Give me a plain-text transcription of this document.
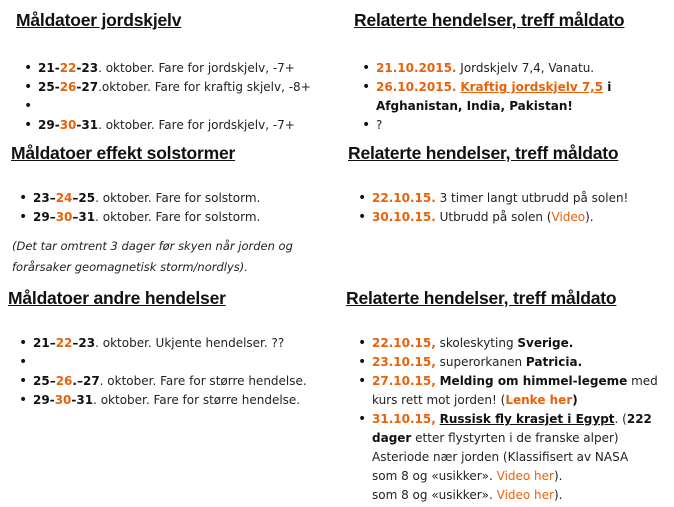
Måldatoer jordskjelv
• 21-22-23. oktober. Fare for jordskjelv, -7+
• 25-26-27.oktober. Fare for kraftig skjelv, -8+
•
• 29-30-31. oktober. Fare for jordskjelv, -7+
Måldatoer effekt solstormer
• 23–24–25. oktober. Fare for solstorm.
• 29–30–31. oktober. Fare for solstorm.

(Det tar omtrent 3 dager før skyen når jorden og
forårsaker geomagnetisk storm/nordlys).

Måldatoer andre hendelser
• 21–22–23. oktober. Ukjente hendelser. ??
•
• 25–26.–27. oktober. Fare for større hendelse.
• 29-30-31. oktober. Fare for større hendelse.
Relaterte hendelser, treff måldato
• 21.10.2015. Jordskjelv 7,4, Vanatu.
• 26.10.2015. Kraftig jordskjelv 7,5 i
Afghanistan, India, Pakistan!
• ?
Relaterte hendelser, treff måldato
• 22.10.15. 3 timer langt utbrudd på solen!
• 30.10.15. Utbrudd på solen (Video).
Relaterte hendelser, treff måldato
• 22.10.15, skoleskyting Sverige.
• 23.10.15, superorkanen Patricia.
• 27.10.15, Melding om himmel-legeme med
kurs rett mot jorden! (Lenke her)
• 31.10.15, Russisk fly krasjet i Egypt. (222
dager etter flystyrten i de franske alper)
Asteriode nær jorden (Klassifisert av NASA
som 8 og «usikker». Video her).
som 8 og «usikker». Video her).
